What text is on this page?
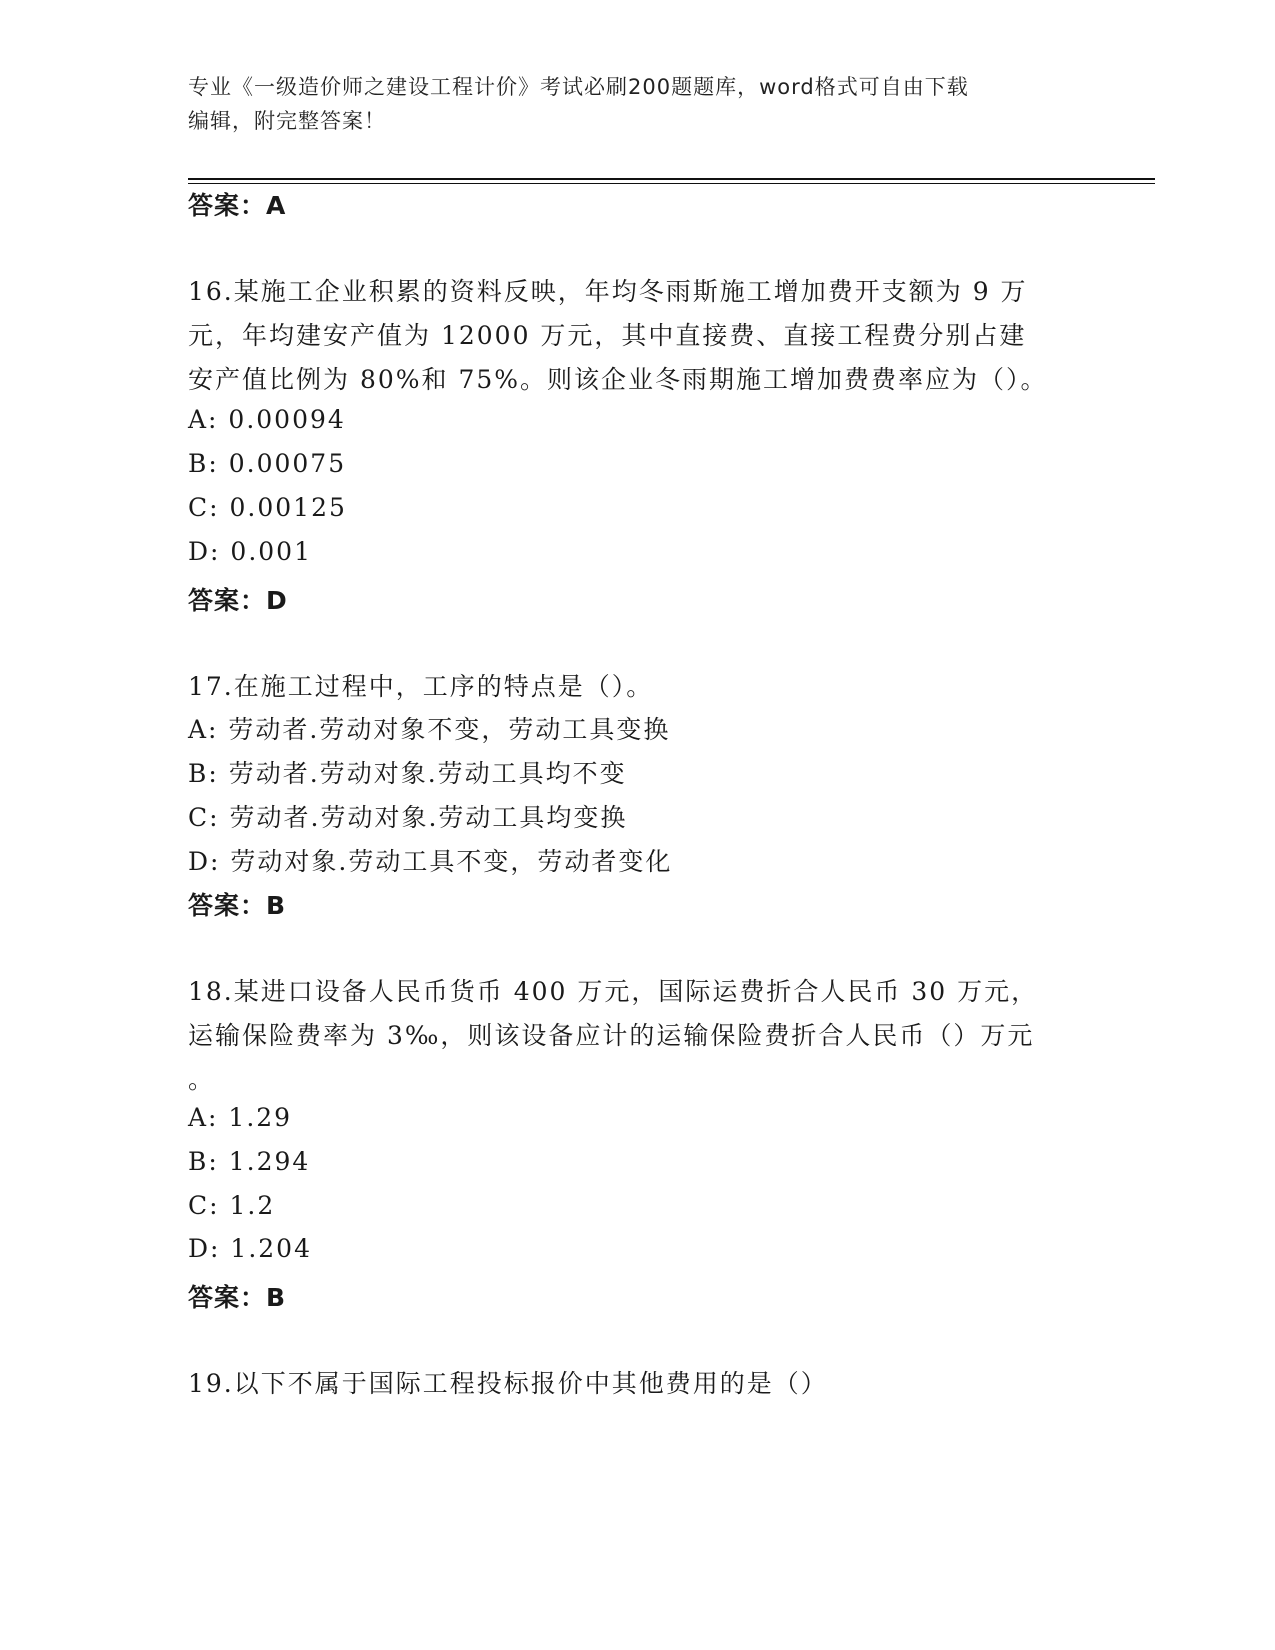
专业《一级造价师之建设工程计价》考试必刷200题题库，word格式可自由下载
编辑，附完整答案！
答案：A
16.某施工企业积累的资料反映，年均冬雨斯施工增加费开支额为 9 万
元，年均建安产值为 12000 万元，其中直接费、直接工程费分别占建
安产值比例为 80%和 75%。则该企业冬雨期施工增加费费率应为（）。
A: 0.00094
B: 0.00075
C: 0.00125
D: 0.001
答案：D
17.在施工过程中，工序的特点是（）。
A: 劳动者.劳动对象不变，劳动工具变换
B: 劳动者.劳动对象.劳动工具均不变
C: 劳动者.劳动对象.劳动工具均变换
D: 劳动对象.劳动工具不变，劳动者变化
答案：B
18.某进口设备人民币货币 400 万元，国际运费折合人民币 30 万元，
运输保险费率为 3‰，则该设备应计的运输保险费折合人民币（）万元
。
A: 1.29
B: 1.294
C: 1.2
D: 1.204
答案：B
19.以下不属于国际工程投标报价中其他费用的是（）
